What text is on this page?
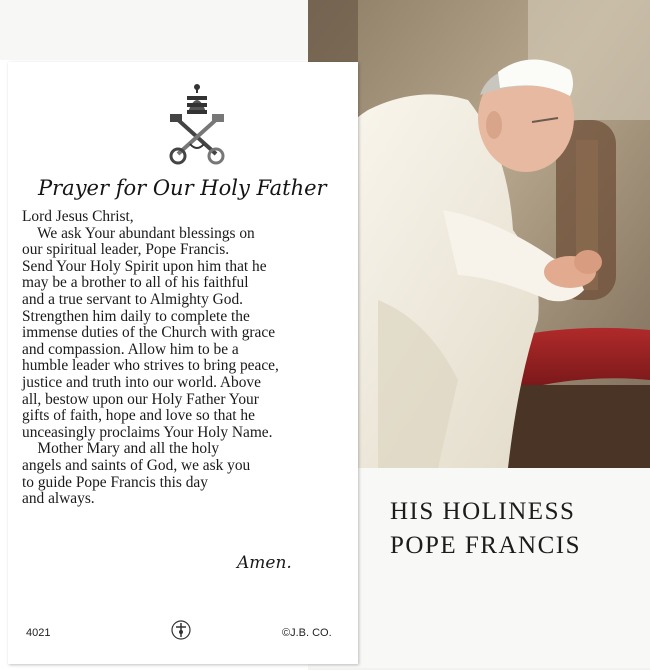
HIS HOLINESS
POPE FRANCIS
Prayer for Our Holy Father
Lord Jesus Christ,
We ask Your abundant blessings on
our spiritual leader, Pope Francis.
Send Your Holy Spirit upon him that he
may be a brother to all of his faithful
and a true servant to Almighty God.
Strengthen him daily to complete the
immense duties of the Church with grace
and compassion. Allow him to be a
humble leader who strives to bring peace,
justice and truth into our world. Above
all, bestow upon our Holy Father Your
gifts of faith, hope and love so that he
unceasingly proclaims Your Holy Name.
Mother Mary and all the holy
angels and saints of God, we ask you
to guide Pope Francis this day
and always.
Amen.
4021	©J.B. CO.
